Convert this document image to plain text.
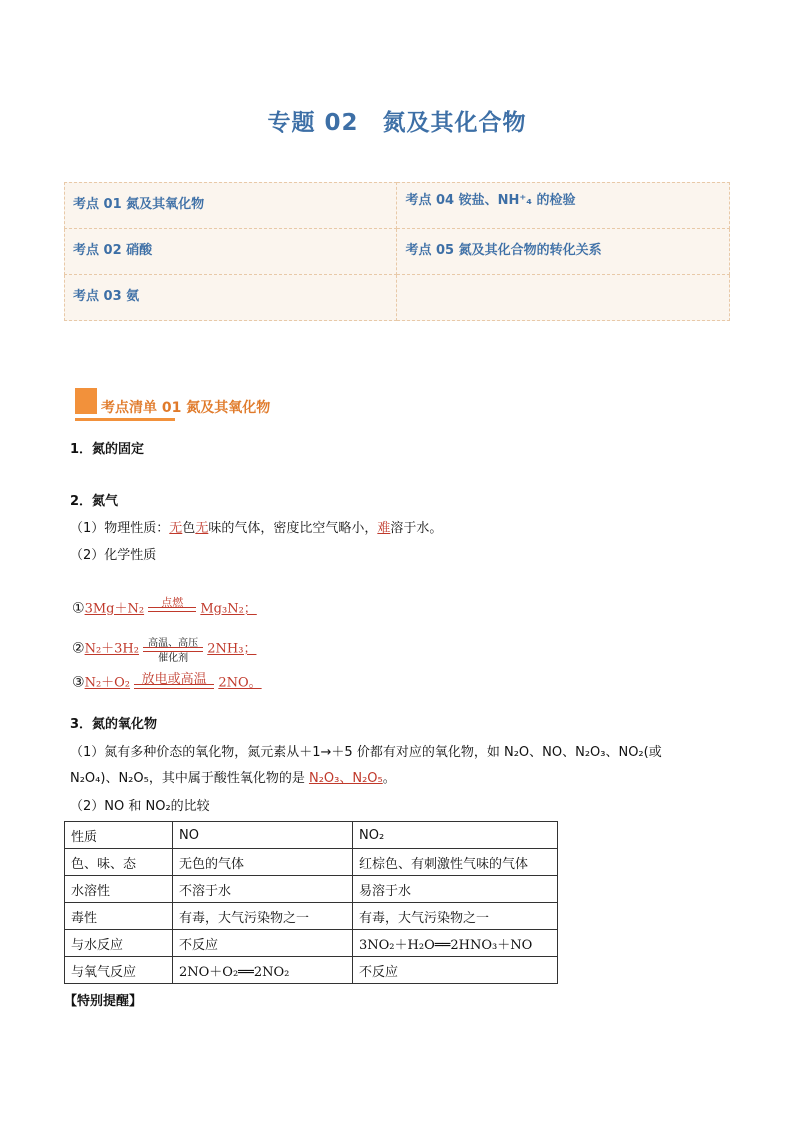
专题 02　氮及其化合物
考点 01 氮及其氧化物	考点 04 铵盐、NH⁺₄ 的检验
考点 02 硝酸	考点 05 氮及其化合物的转化关系
考点 03 氨	
考点清单 01 氮及其氧化物
1．氮的固定
2．氮气
（1）物理性质：无色无味的气体，密度比空气略小，难溶于水。
（2）化学性质
①3Mg＋N₂	点燃	Mg₃N₂；
②N₂＋3H₂ 高温、高压
催化剂
2NH₃；
③N₂＋O₂ 放电或高温 2NO。
3．氮的氧化物
（1）氮有多种价态的氧化物，氮元素从＋1→＋5 价都有对应的氧化物，如 N₂O、NO、N₂O₃、NO₂(或
N₂O₄)、N₂O₅，其中属于酸性氧化物的是 N₂O₃、N₂O₅。
（2）NO 和 NO₂的比较
性质	NO	NO₂
色、味、态	无色的气体	红棕色、有刺激性气味的气体
水溶性	不溶于水	易溶于水
毒性	有毒，大气污染物之一	有毒，大气污染物之一
与水反应	不反应	3NO₂＋H₂O══2HNO₃＋NO
与氧气反应	2NO＋O₂══2NO₂	不反应
【特别提醒】
